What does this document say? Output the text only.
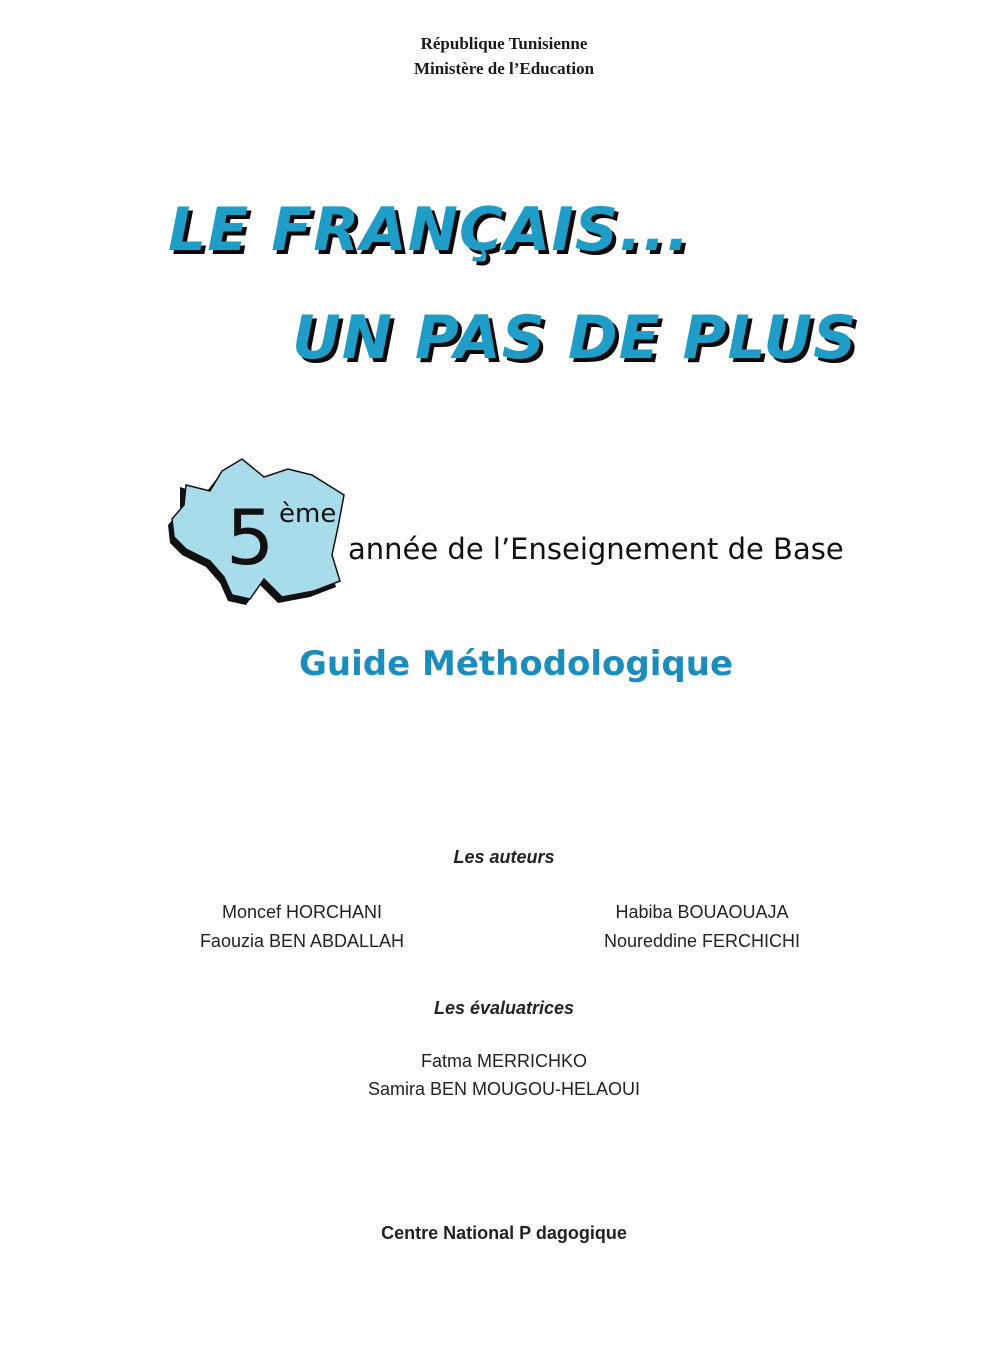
République Tunisienne
Ministère de l’Education
LE FRANÇAIS...
UN PAS DE PLUS
5 ème
année de l’Enseignement de Base
Guide Méthodologique
Les auteurs
Moncef HORCHANI
Faouzia BEN ABDALLAH
Habiba BOUAOUAJA
Noureddine FERCHICHI
Les évaluatrices
Fatma MERRICHKO
Samira BEN MOUGOU-HELAOUI
Centre National P dagogique
